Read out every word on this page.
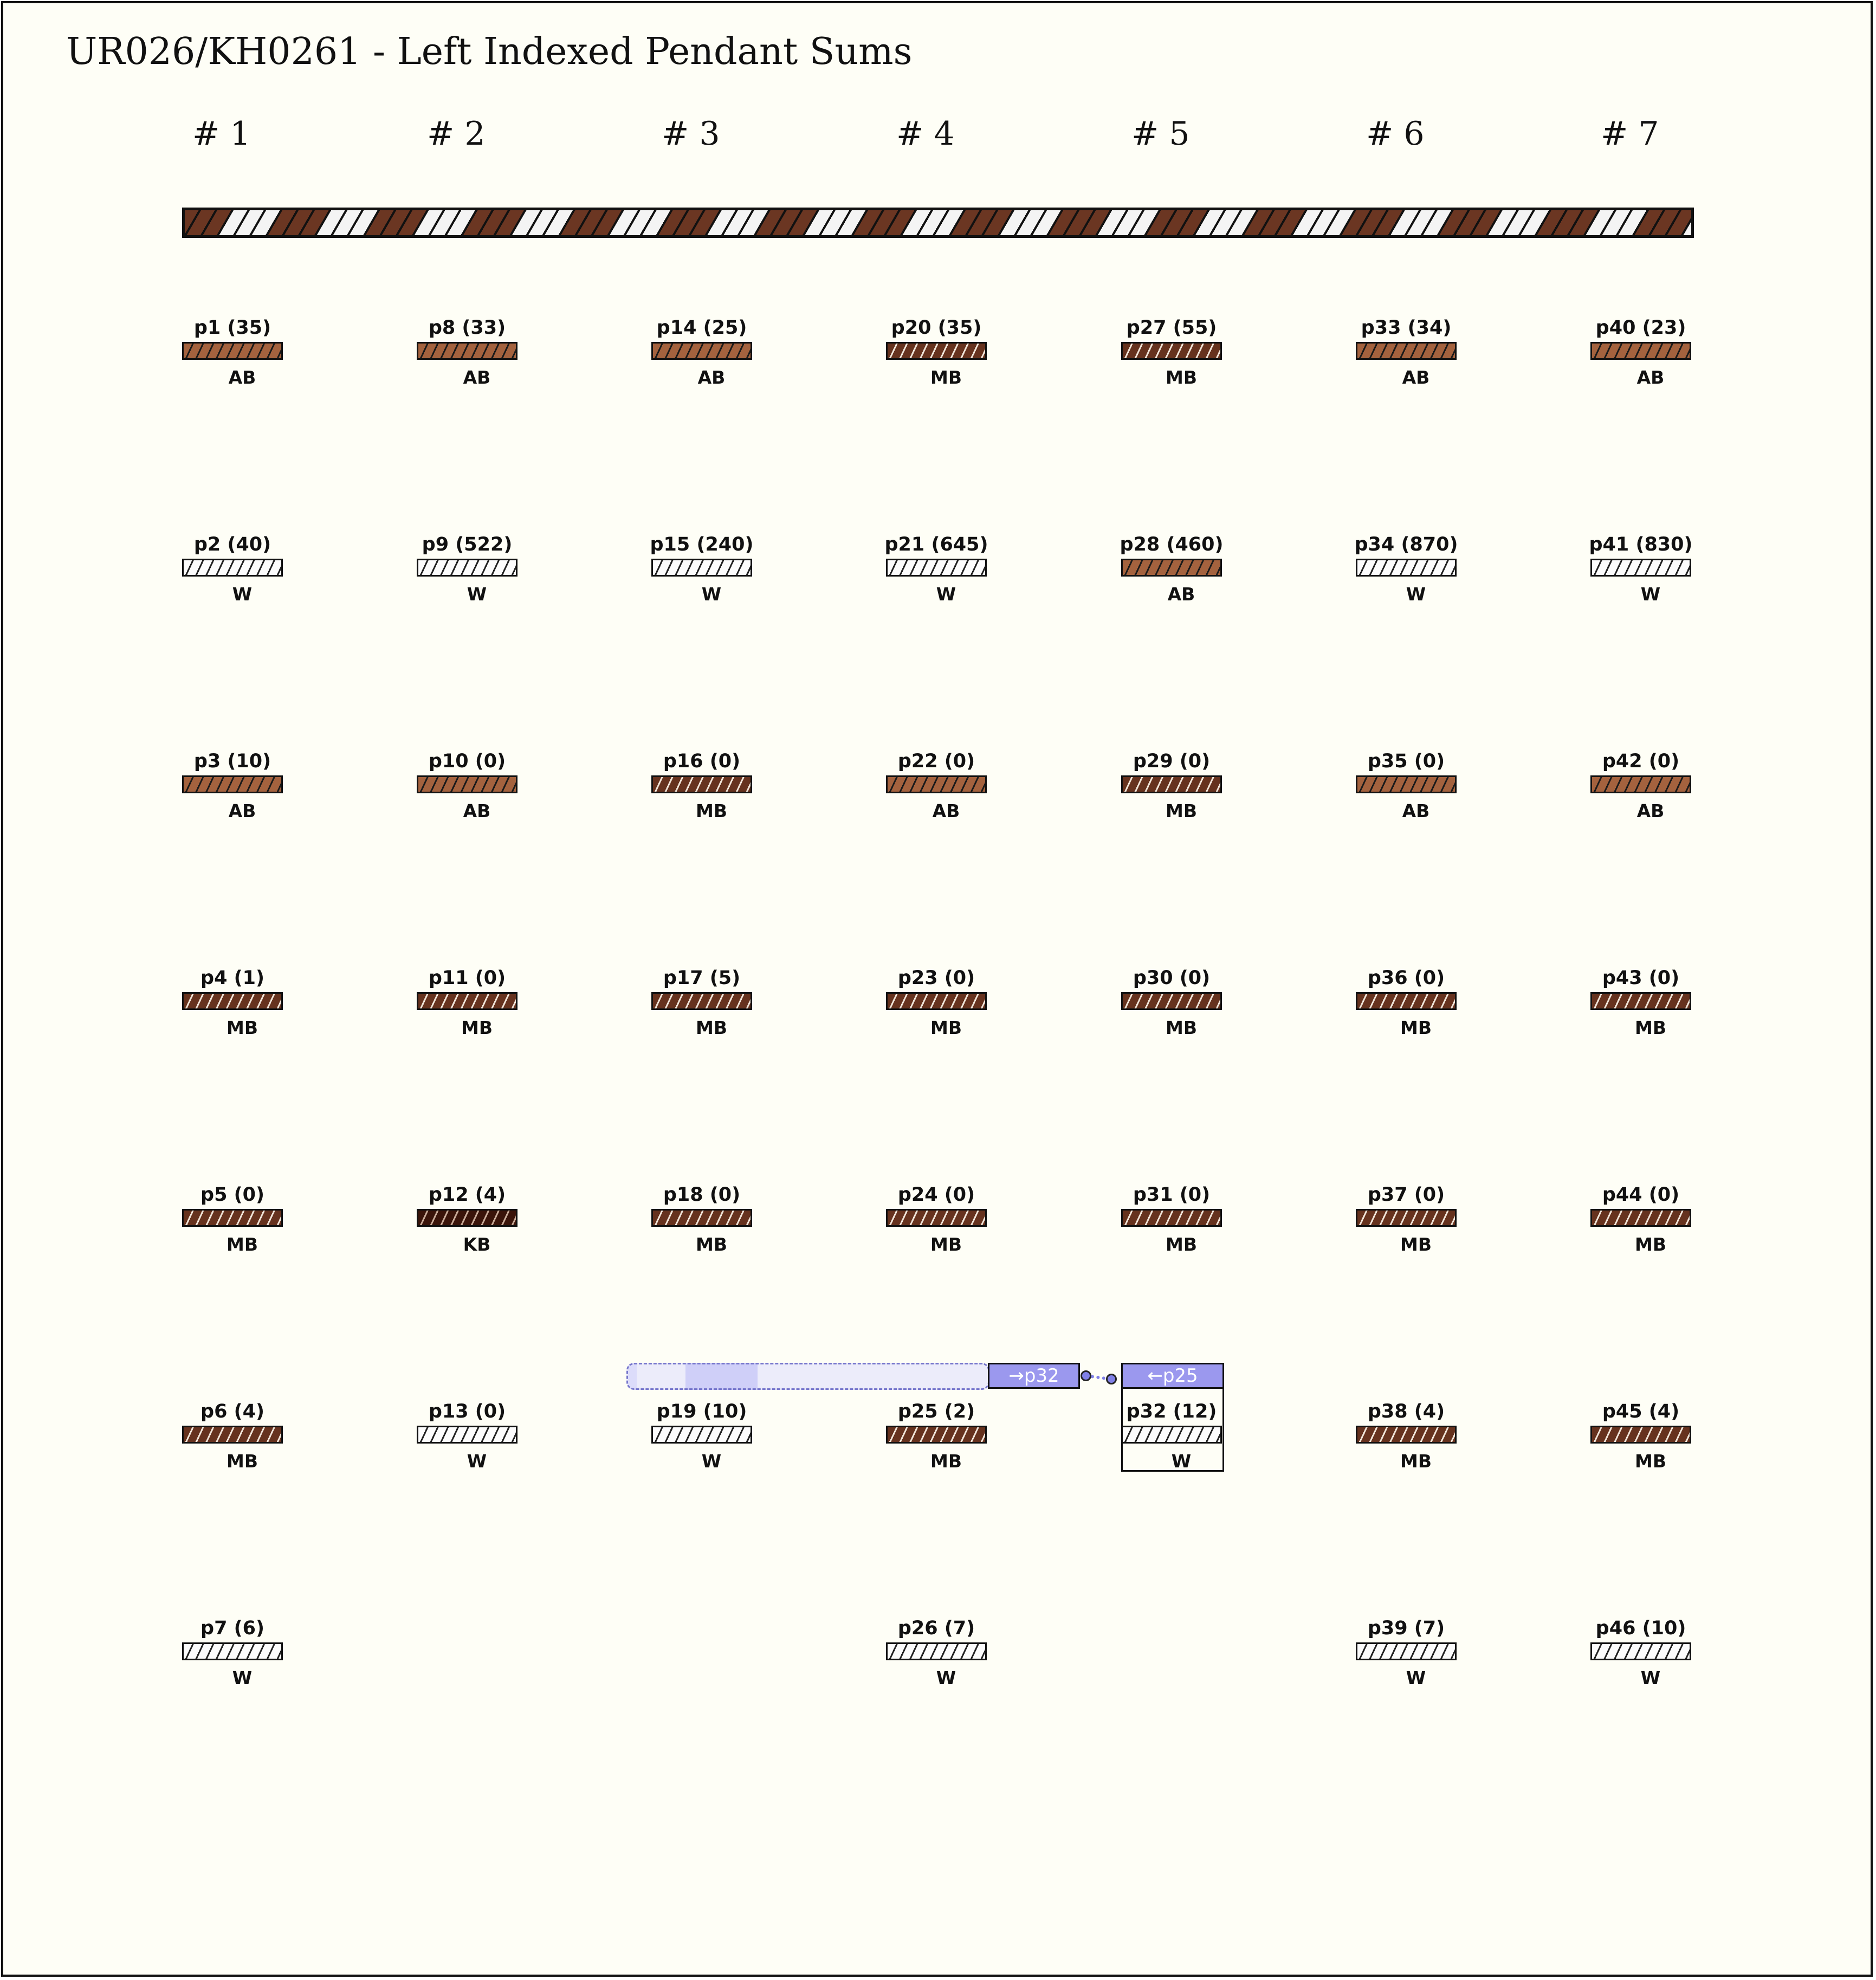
UR026/KH0261 - Left Indexed Pendant Sums
# 1	# 2	# 3	# 4	# 5	# 6	# 7
→p32	←p25
p1 (35)
AB
p2 (40)
W
p3 (10)
AB
p4 (1)
MB
p5 (0)
MB
p6 (4)
MB
p7 (6)
W
p8 (33)
AB
p9 (522)
W
p10 (0)
AB
p11 (0)
MB
p12 (4)
KB
p13 (0)
W
p14 (25)
AB
p15 (240)
W
p16 (0)
MB
p17 (5)
MB
p18 (0)
MB
p19 (10)
W
p20 (35)
MB
p21 (645)
W
p22 (0)
AB
p23 (0)
MB
p24 (0)
MB
p25 (2)
MB
p26 (7)
W
p27 (55)
MB
p28 (460)
AB
p29 (0)
MB
p30 (0)
MB
p31 (0)
MB
p32 (12)
W
p33 (34)
AB
p34 (870)
W
p35 (0)
AB
p36 (0)
MB
p37 (0)
MB
p38 (4)
MB
p39 (7)
W
p40 (23)
AB
p41 (830)
W
p42 (0)
AB
p43 (0)
MB
p44 (0)
MB
p45 (4)
MB
p46 (10)
W
